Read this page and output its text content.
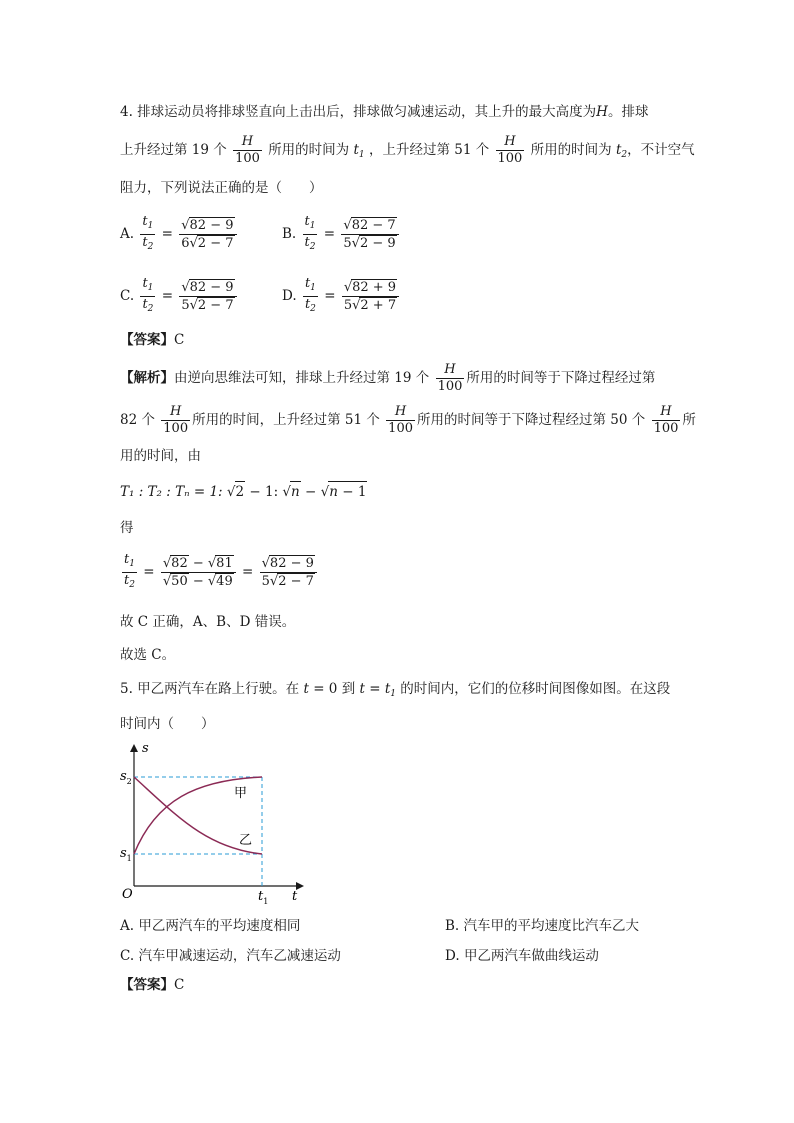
4. 排球运动员将排球竖直向上击出后，排球做匀减速运动，其上升的最大高度为H。排球
上升经过第 19 个 $\frac{H}{100}$ 所用的时间为 $t_1$ ，上升经过第 51 个 $\frac{H}{100}$ 所用的时间为 $t_2$，不计空气
阻力，下列说法正确的是（　　）
A. $\frac{t_1}{t_2} = \frac{√82 - 9}{6√2 - 7}$	B. $\frac{t_1}{t_2} = \frac{√82 - 7}{5√2 - 9}$
C. $\frac{t_1}{t_2} = \frac{√82 - 9}{5√2 - 7}$	D. $\frac{t_1}{t_2} = \frac{√82 + 9}{5√2 + 7}$
【答案】C
【解析】由逆向思维法可知，排球上升经过第 19 个 $\frac{H}{100}$ 所用的时间等于下降过程经过第
82 个 $\frac{H}{100}$ 所用的时间，上升经过第 51 个 $\frac{H}{100}$ 所用的时间等于下降过程经过第 50 个 $\frac{H}{100}$ 所
用的时间，由
T₁ : T₂ : Tₙ = 1: √2 − 1: √n − √n − 1
得
$\frac{t_1}{t_2} = \frac{√82 - √81}{√50 - √49} = \frac{√82 - 9}{5√2 - 7}$
故 C 正确，A、B、D 错误。
故选 C。
5. 甲乙两汽车在路上行驶。在 t = 0 到 $t = t_1$ 的时间内，它们的位移时间图像如图。在这段
时间内（　　）
s
t
O
$s_2$
$s_1$
$t_1$
甲
乙
A. 甲乙两汽车的平均速度相同	B. 汽车甲的平均速度比汽车乙大
C. 汽车甲减速运动，汽车乙减速运动	D. 甲乙两汽车做曲线运动
【答案】C
